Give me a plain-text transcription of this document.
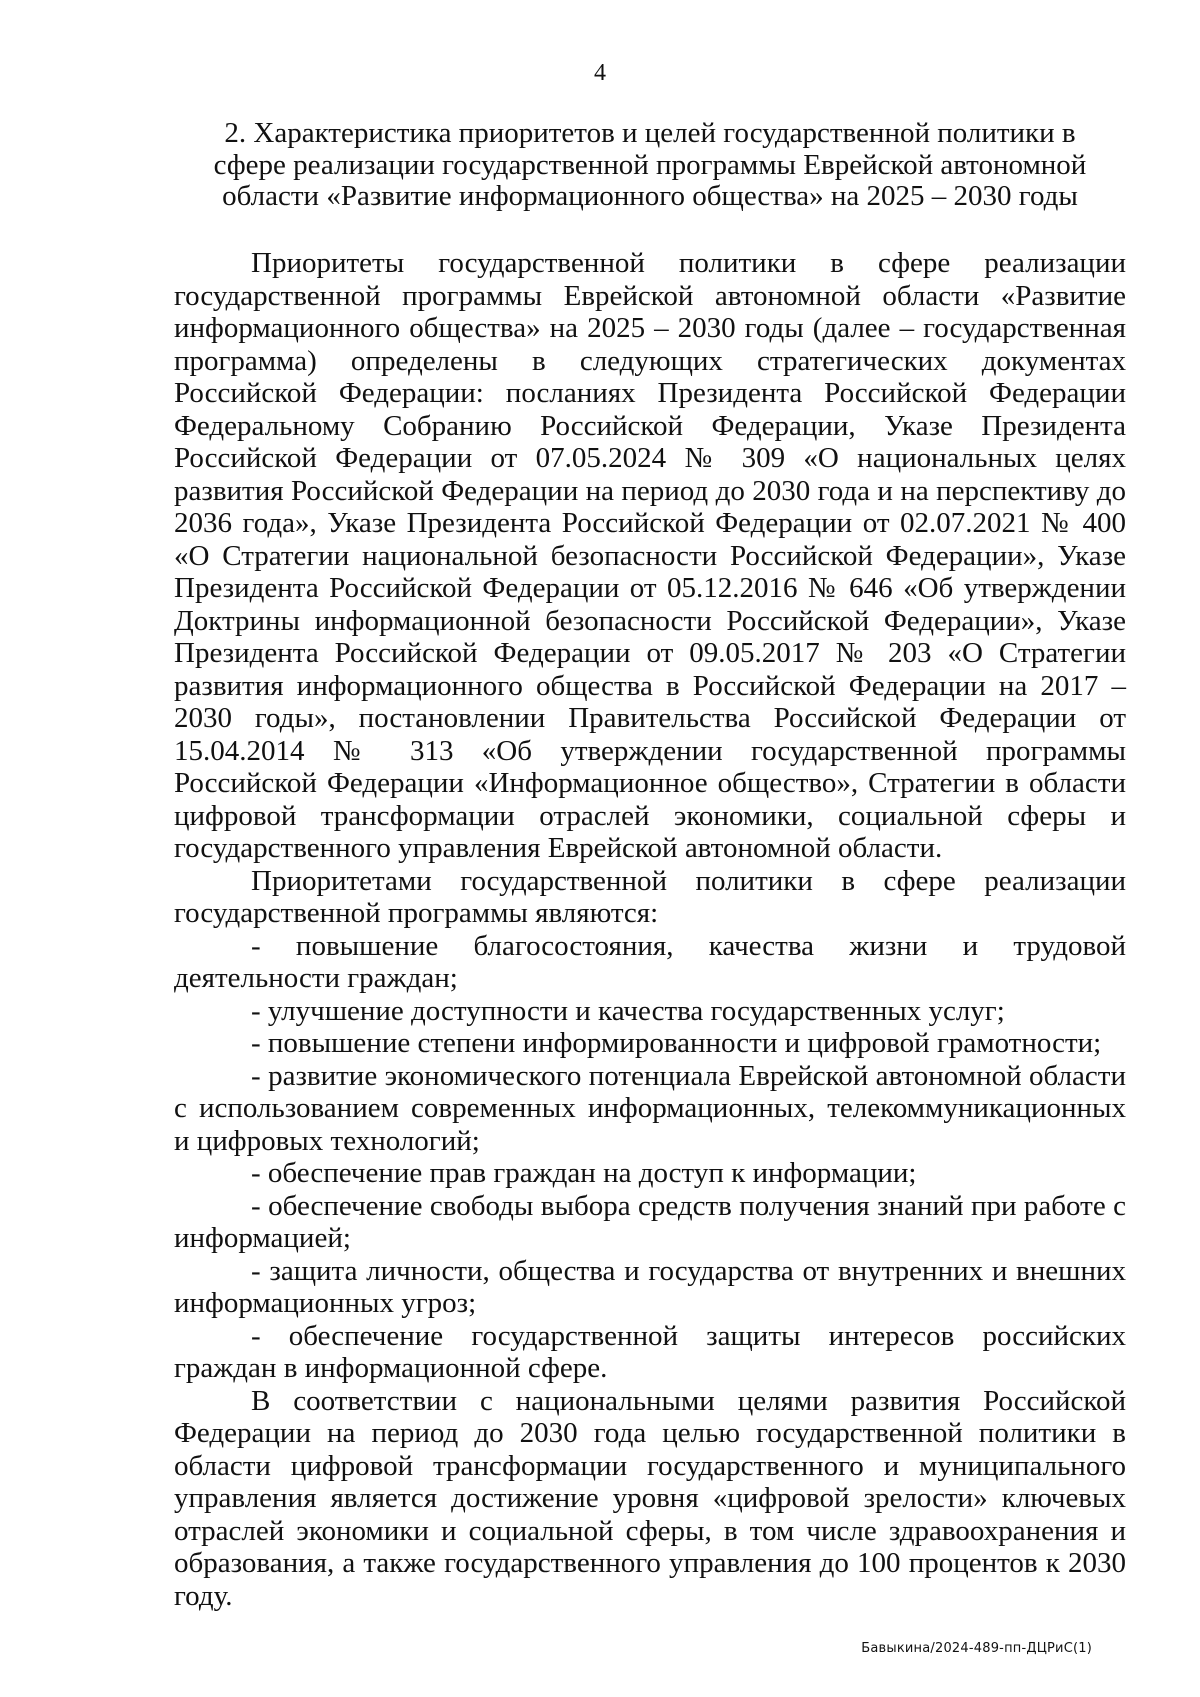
4
2. Характеристика приоритетов и целей государственной политики в сфере реализации государственной программы Еврейской автономной области «Развитие информационного общества» на 2025 – 2030 годы

Приоритеты государственной политики в сфере реализации государственной программы Еврейской автономной области «Развитие информационного общества» на 2025 – 2030 годы (далее – государственная программа) определены в следующих стратегических документах Российской Федерации: посланиях Президента Российской Федерации Федеральному Собранию Российской Федерации, Указе Президента Российской Федерации от 07.05.2024 № 309 «О национальных целях развития Российской Федерации на период до 2030 года и на перспективу до 2036 года», Указе Президента Российской Федерации от 02.07.2021 № 400 «О Стратегии национальной безопасности Российской Федерации», Указе Президента Российской Федерации от 05.12.2016 № 646 «Об утверждении Доктрины информационной безопасности Российской Федерации», Указе Президента Российской Федерации от 09.05.2017 № 203 «О Стратегии развития информационного общества в Российской Федерации на 2017 – 2030 годы», постановлении Правительства Российской Федерации от 15.04.2014 № 313 «Об утверждении государственной программы Российской Федерации «Информационное общество», Стратегии в области цифровой трансформации отраслей экономики, социальной сферы и государственного управления Еврейской автономной области.

Приоритетами государственной политики в сфере реализации государственной программы являются:

- повышение благосостояния, качества жизни и трудовой деятельности граждан;

- улучшение доступности и качества государственных услуг;

- повышение степени информированности и цифровой грамотности;

- развитие экономического потенциала Еврейской автономной области с использованием современных информационных, телекоммуникационных и цифровых технологий;

- обеспечение прав граждан на доступ к информации;

- обеспечение свободы выбора средств получения знаний при работе с информацией;

- защита личности, общества и государства от внутренних и внешних информационных угроз;

- обеспечение государственной защиты интересов российских граждан в информационной сфере.

В соответствии с национальными целями развития Российской Федерации на период до 2030 года целью государственной политики в области цифровой трансформации государственного и муниципального управления является достижение уровня «цифровой зрелости» ключевых отраслей экономики и социальной сферы, в том числе здравоохранения и образования, а также государственного управления до 100 процентов к 2030 году.

Бавыкина/2024-489-пп-ДЦРиС(1)
